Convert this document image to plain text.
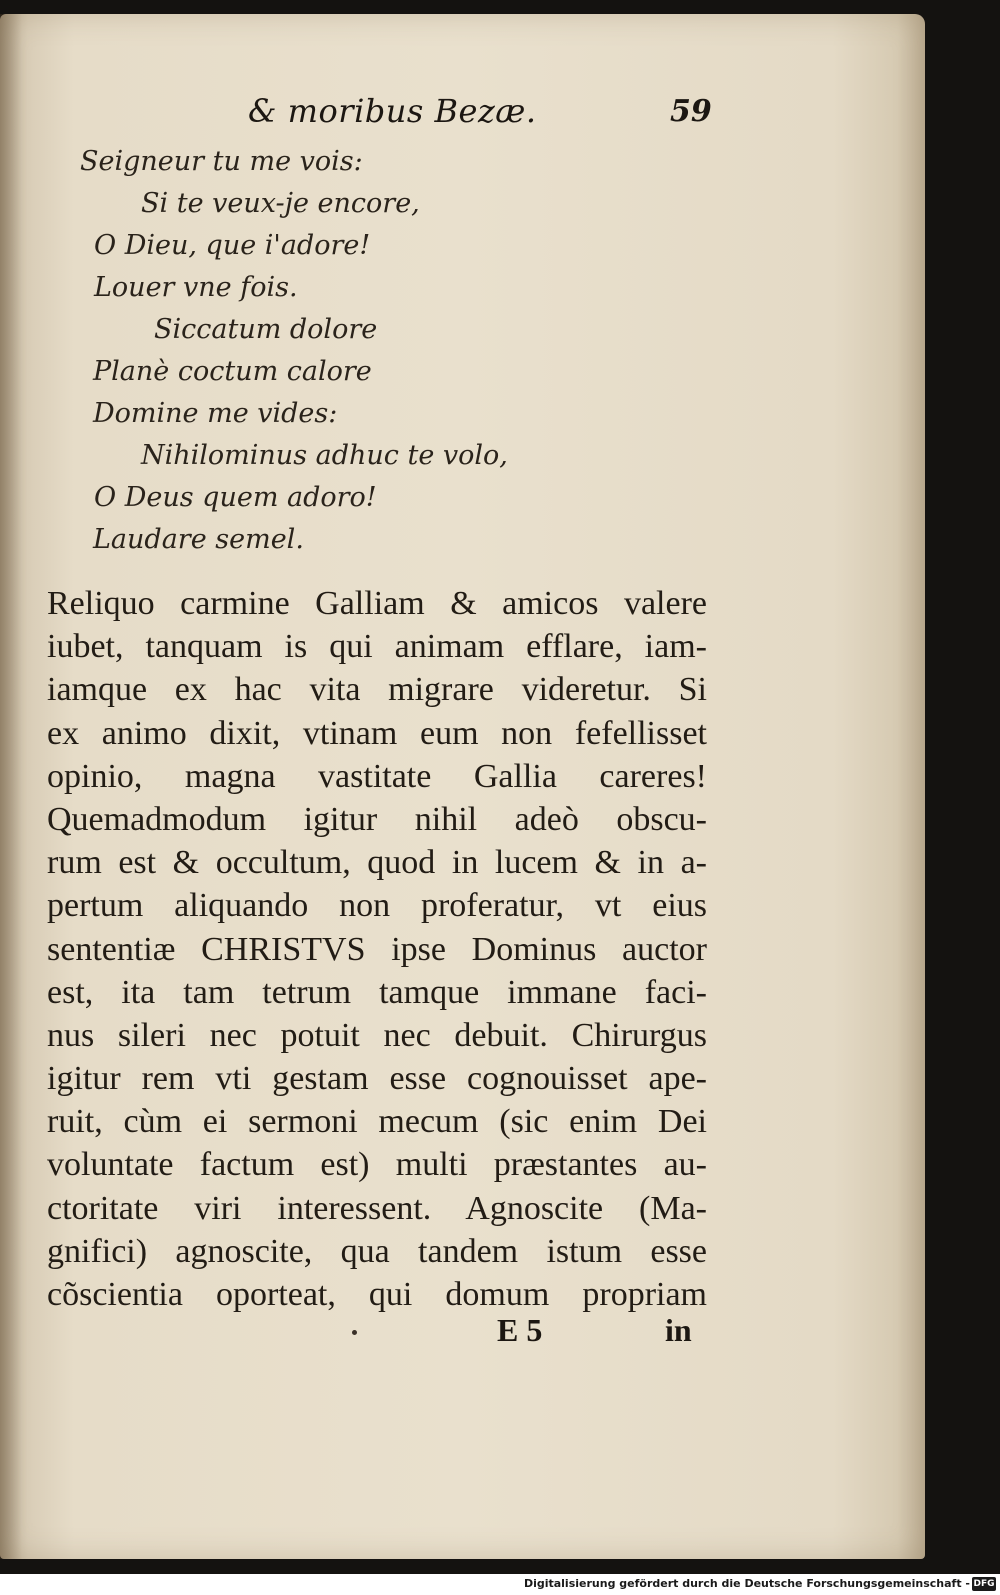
& moribus Bezæ.	59
Seigneur tu me vois:
Si te veux-je encore,
O Dieu, que i'adore!
Louer vne fois.
Siccatum dolore
Planè coctum calore
Domine me vides:
Nihilominus adhuc te volo,
O Deus quem adoro!
Laudare semel.
Reliquo carmine Galliam & amicos valere
iubet, tanquam is qui animam efflare, iam-
iamque ex hac vita migrare videretur. Si
ex animo dixit, vtinam eum non fefellisset
opinio, magna vastitate Gallia careres!
Quemadmodum igitur nihil adeò obscu-
rum est & occultum, quod in lucem & in a-
pertum aliquando non proferatur, vt eius
sententiæ CHRISTVS ipse Dominus auctor
est, ita tam tetrum tamque immane faci-
nus sileri nec potuit nec debuit. Chirurgus
igitur rem vti gestam esse cognouisset ape-
ruit, cùm ei sermoni mecum (sic enim Dei
voluntate factum est) multi præstantes au-
ctoritate viri interessent. Agnoscite (Ma-
gnifici) agnoscite, qua tandem istum esse
cõscientia oporteat, qui domum propriam
E 5	in
Digitalisierung gefördert durch die Deutsche Forschungsgemeinschaft - DFG
